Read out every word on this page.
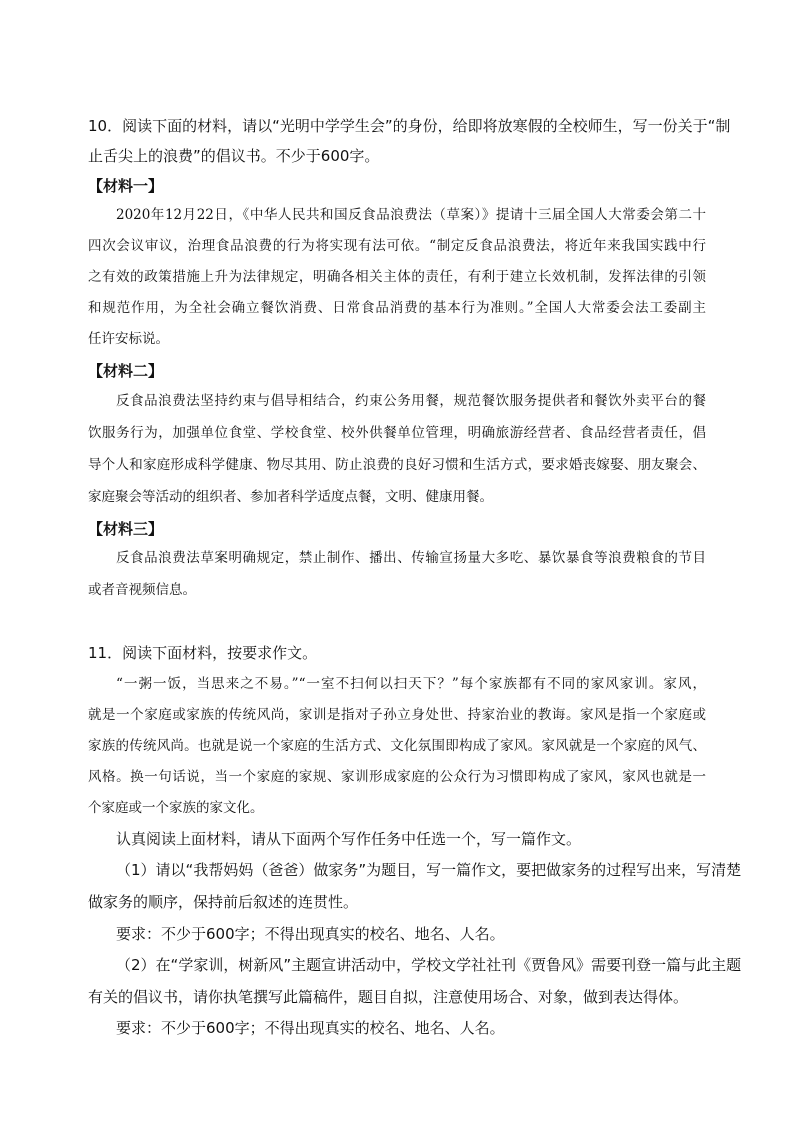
10．阅读下面的材料，请以“光明中学学生会”的身份，给即将放寒假的全校师生，写一份关于“制
止舌尖上的浪费”的倡议书。不少于600字。
【材料一】
2020年12月22日，《中华人民共和国反食品浪费法（草案）》提请十三届全国人大常委会第二十
四次会议审议，治理食品浪费的行为将实现有法可依。“制定反食品浪费法，将近年来我国实践中行
之有效的政策措施上升为法律规定，明确各相关主体的责任，有利于建立长效机制，发挥法律的引领
和规范作用，为全社会确立餐饮消费、日常食品消费的基本行为准则。”全国人大常委会法工委副主
任许安标说。
【材料二】
反食品浪费法坚持约束与倡导相结合，约束公务用餐，规范餐饮服务提供者和餐饮外卖平台的餐
饮服务行为，加强单位食堂、学校食堂、校外供餐单位管理，明确旅游经营者、食品经营者责任，倡
导个人和家庭形成科学健康、物尽其用、防止浪费的良好习惯和生活方式，要求婚丧嫁娶、朋友聚会、
家庭聚会等活动的组织者、参加者科学适度点餐，文明、健康用餐。
【材料三】
反食品浪费法草案明确规定，禁止制作、播出、传输宣扬量大多吃、暴饮暴食等浪费粮食的节目
或者音视频信息。
11．阅读下面材料，按要求作文。
“一粥一饭，当思来之不易。”“一室不扫何以扫天下？”每个家族都有不同的家风家训。家风，
就是一个家庭或家族的传统风尚，家训是指对子孙立身处世、持家治业的教诲。家风是指一个家庭或
家族的传统风尚。也就是说一个家庭的生活方式、文化氛围即构成了家风。家风就是一个家庭的风气、
风格。换一句话说，当一个家庭的家规、家训形成家庭的公众行为习惯即构成了家风，家风也就是一
个家庭或一个家族的家文化。
认真阅读上面材料，请从下面两个写作任务中任选一个，写一篇作文。
（1）请以“我帮妈妈（爸爸）做家务”为题目，写一篇作文，要把做家务的过程写出来，写清楚
做家务的顺序，保持前后叙述的连贯性。
要求：不少于600字；不得出现真实的校名、地名、人名。
（2）在“学家训，树新风”主题宣讲活动中，学校文学社社刊《贾鲁风》需要刊登一篇与此主题
有关的倡议书，请你执笔撰写此篇稿件，题目自拟，注意使用场合、对象，做到表达得体。
要求：不少于600字；不得出现真实的校名、地名、人名。
